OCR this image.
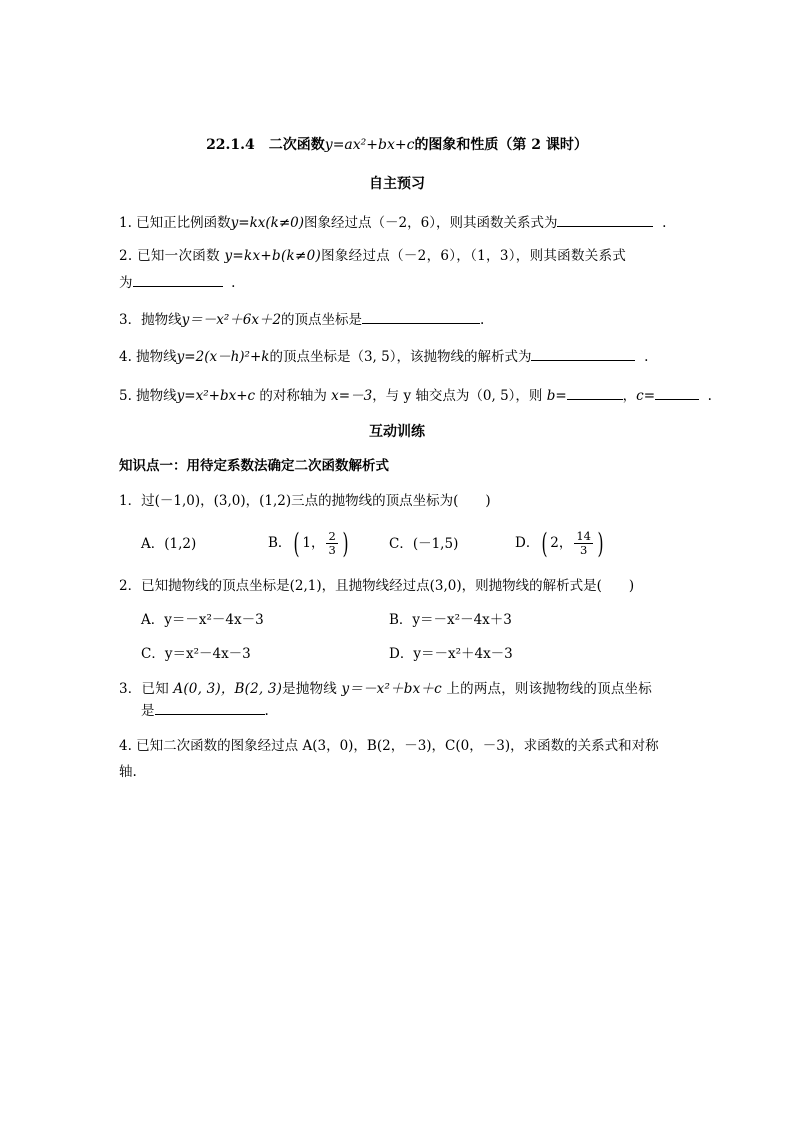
22.1.4　二次函数y=ax²+bx+c的图象和性质（第 2 课时）
自主预习
1. 已知正比例函数y=kx(k≠0)图象经过点（－2，6），则其函数关系式为	.
2. 已知一次函数 y=kx+b(k≠0)图象经过点（－2，6），（1，3），则其函数关系式
为	.
3．抛物线y＝－x²＋6x＋2的顶点坐标是	.
4. 抛物线y=2(x－h)²+k的顶点坐标是（3, 5），该抛物线的解析式为	.
5. 抛物线y=x²+bx+c 的对称轴为 x=－3，与 y 轴交点为（0, 5），则 b=	，c=	.
互动训练
知识点一：用待定系数法确定二次函数解析式
1．过(－1,0)，(3,0)，(1,2)三点的抛物线的顶点坐标为(　　)
A．(1,2)	B．( 1， $\frac{2}{3}$ )	C．(－1,5)	D．( 2， $\frac{14}{3}$ )
2．已知抛物线的顶点坐标是(2,1)，且抛物线经过点(3,0)，则抛物线的解析式是(　　)
A．y＝－x²－4x－3	B．y＝－x²－4x＋3
C．y＝x²－4x－3	D．y＝－x²＋4x－3
3．已知 A(0, 3)，B(2, 3)是抛物线 y＝－x²＋bx＋c 上的两点，则该抛物线的顶点坐标
是	.
4. 已知二次函数的图象经过点 A(3，0)，B(2，－3)，C(0，－3)，求函数的关系式和对称
轴.
